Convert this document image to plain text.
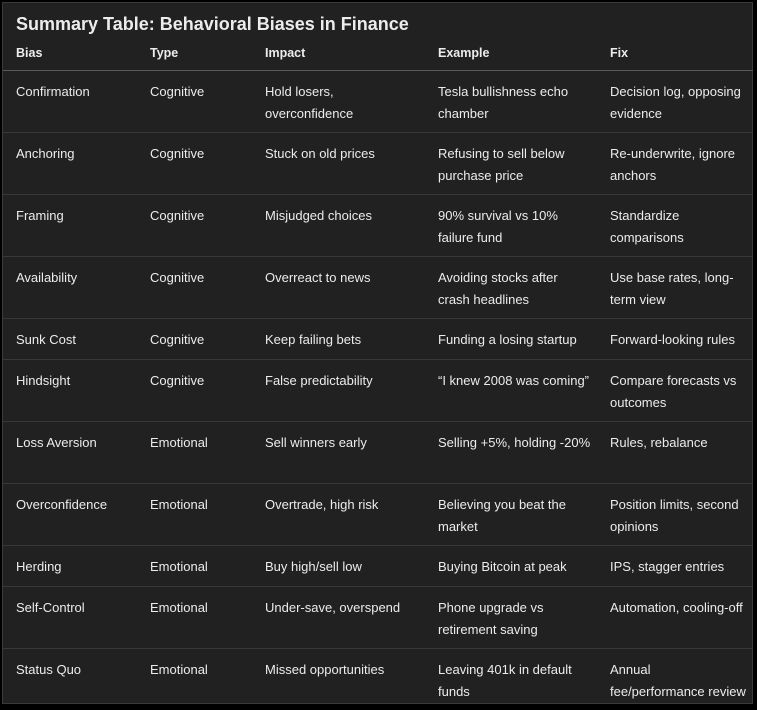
Summary Table: Behavioral Biases in Finance
Bias	Type	Impact	Example	Fix
Confirmation	Cognitive	Hold losers, overconfidence	Tesla bullishness echo chamber	Decision log, opposing evidence
Anchoring	Cognitive	Stuck on old prices	Refusing to sell below purchase price	Re-underwrite, ignore anchors
Framing	Cognitive	Misjudged choices	90% survival vs 10% failure fund	Standardize comparisons
Availability	Cognitive	Overreact to news	Avoiding stocks after crash headlines	Use base rates, long-term view
Sunk Cost	Cognitive	Keep failing bets	Funding a losing startup	Forward-looking rules
Hindsight	Cognitive	False predictability	“I knew 2008 was coming”	Compare forecasts vs outcomes
Loss Aversion	Emotional	Sell winners early	Selling +5%, holding -20%	Rules, rebalance
Overconfidence	Emotional	Overtrade, high risk	Believing you beat the market	Position limits, second opinions
Herding	Emotional	Buy high/sell low	Buying Bitcoin at peak	IPS, stagger entries
Self-Control	Emotional	Under-save, overspend	Phone upgrade vs retirement saving	Automation, cooling-off
Status Quo	Emotional	Missed opportunities	Leaving 401k in default funds	Annual fee/performance review
